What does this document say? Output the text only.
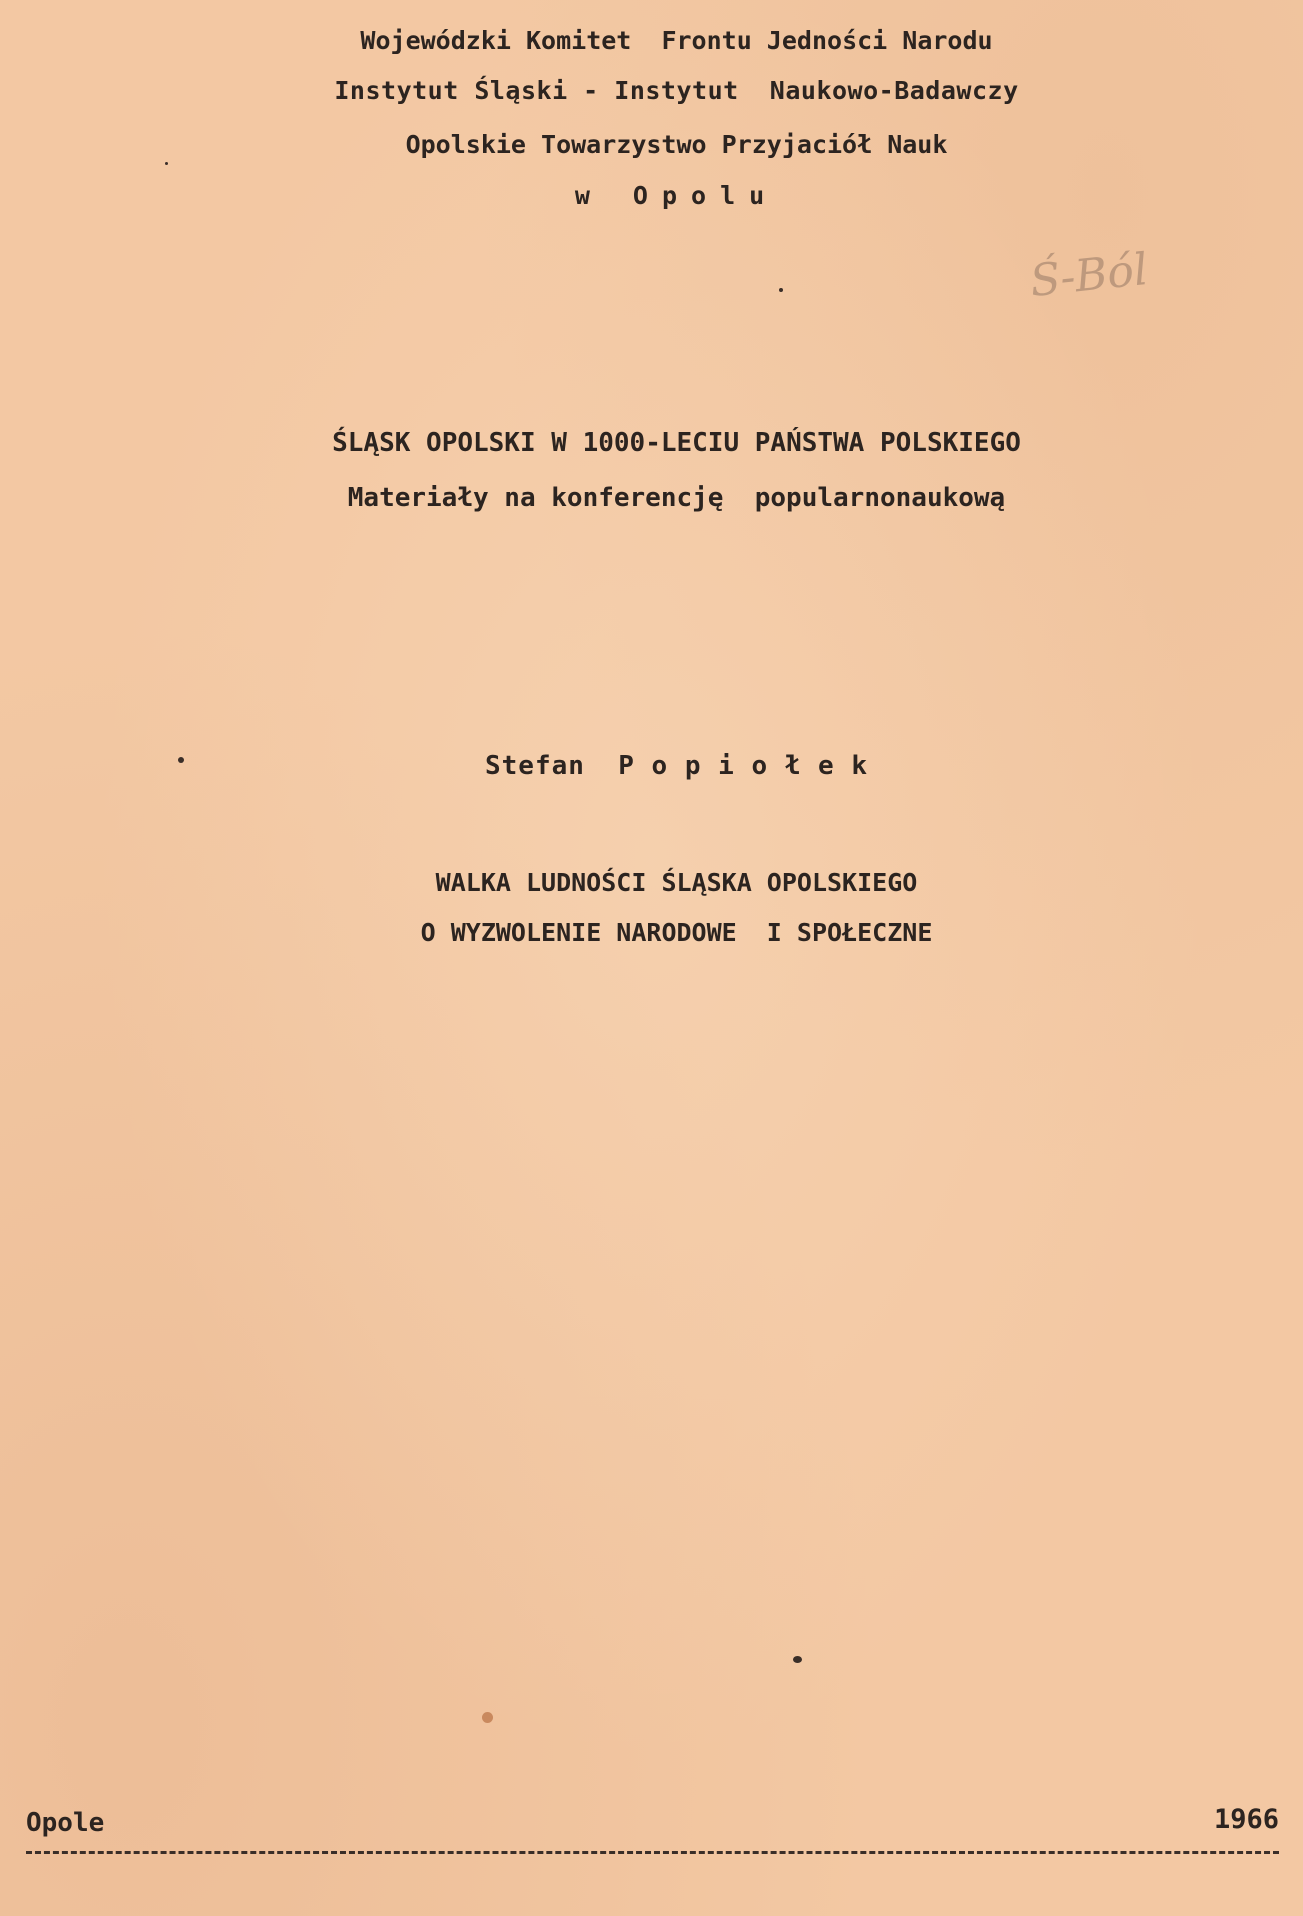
Wojewódzki Komitet  Frontu Jedności Narodu

Instytut Śląski - Instytut  Naukowo-Badawczy

Opolskie Towarzystwo Przyjaciół Nauk

w Opolu

Ś-Ból

ŚLĄSK OPOLSKI W 1000-LECIU PAŃSTWA POLSKIEGO

Materiały na konferencję  popularnonaukową

Stefan  P o p i o ł e k

WALKA LUDNOŚCI ŚLĄSKA OPOLSKIEGO

O WYZWOLENIE NARODOWE  I SPOŁECZNE

Opole	1966
